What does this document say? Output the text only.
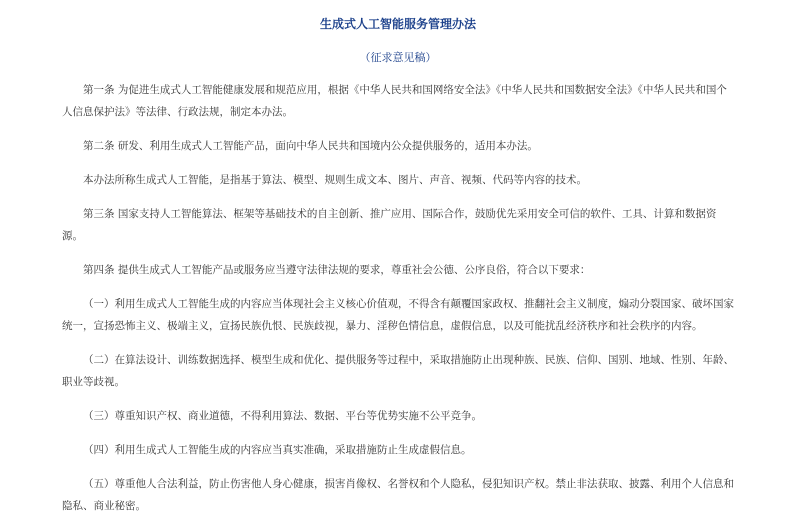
生成式人工智能服务管理办法
（征求意见稿）

第一条 为促进生成式人工智能健康发展和规范应用，根据《中华人民共和国网络安全法》《中华人民共和国数据安全法》《中华人民共和国个人信息保护法》等法律、行政法规，制定本办法。

第二条 研发、利用生成式人工智能产品，面向中华人民共和国境内公众提供服务的，适用本办法。

本办法所称生成式人工智能，是指基于算法、模型、规则生成文本、图片、声音、视频、代码等内容的技术。

第三条 国家支持人工智能算法、框架等基础技术的自主创新、推广应用、国际合作，鼓励优先采用安全可信的软件、工具、计算和数据资源。

第四条 提供生成式人工智能产品或服务应当遵守法律法规的要求，尊重社会公德、公序良俗，符合以下要求：

（一）利用生成式人工智能生成的内容应当体现社会主义核心价值观，不得含有颠覆国家政权、推翻社会主义制度，煽动分裂国家、破坏国家统一，宣扬恐怖主义、极端主义，宣扬民族仇恨、民族歧视，暴力、淫秽色情信息，虚假信息，以及可能扰乱经济秩序和社会秩序的内容。

（二）在算法设计、训练数据选择、模型生成和优化、提供服务等过程中，采取措施防止出现种族、民族、信仰、国别、地域、性别、年龄、职业等歧视。

（三）尊重知识产权、商业道德，不得利用算法、数据、平台等优势实施不公平竞争。

（四）利用生成式人工智能生成的内容应当真实准确，采取措施防止生成虚假信息。

（五）尊重他人合法利益，防止伤害他人身心健康，损害肖像权、名誉权和个人隐私，侵犯知识产权。禁止非法获取、披露、利用个人信息和隐私、商业秘密。
